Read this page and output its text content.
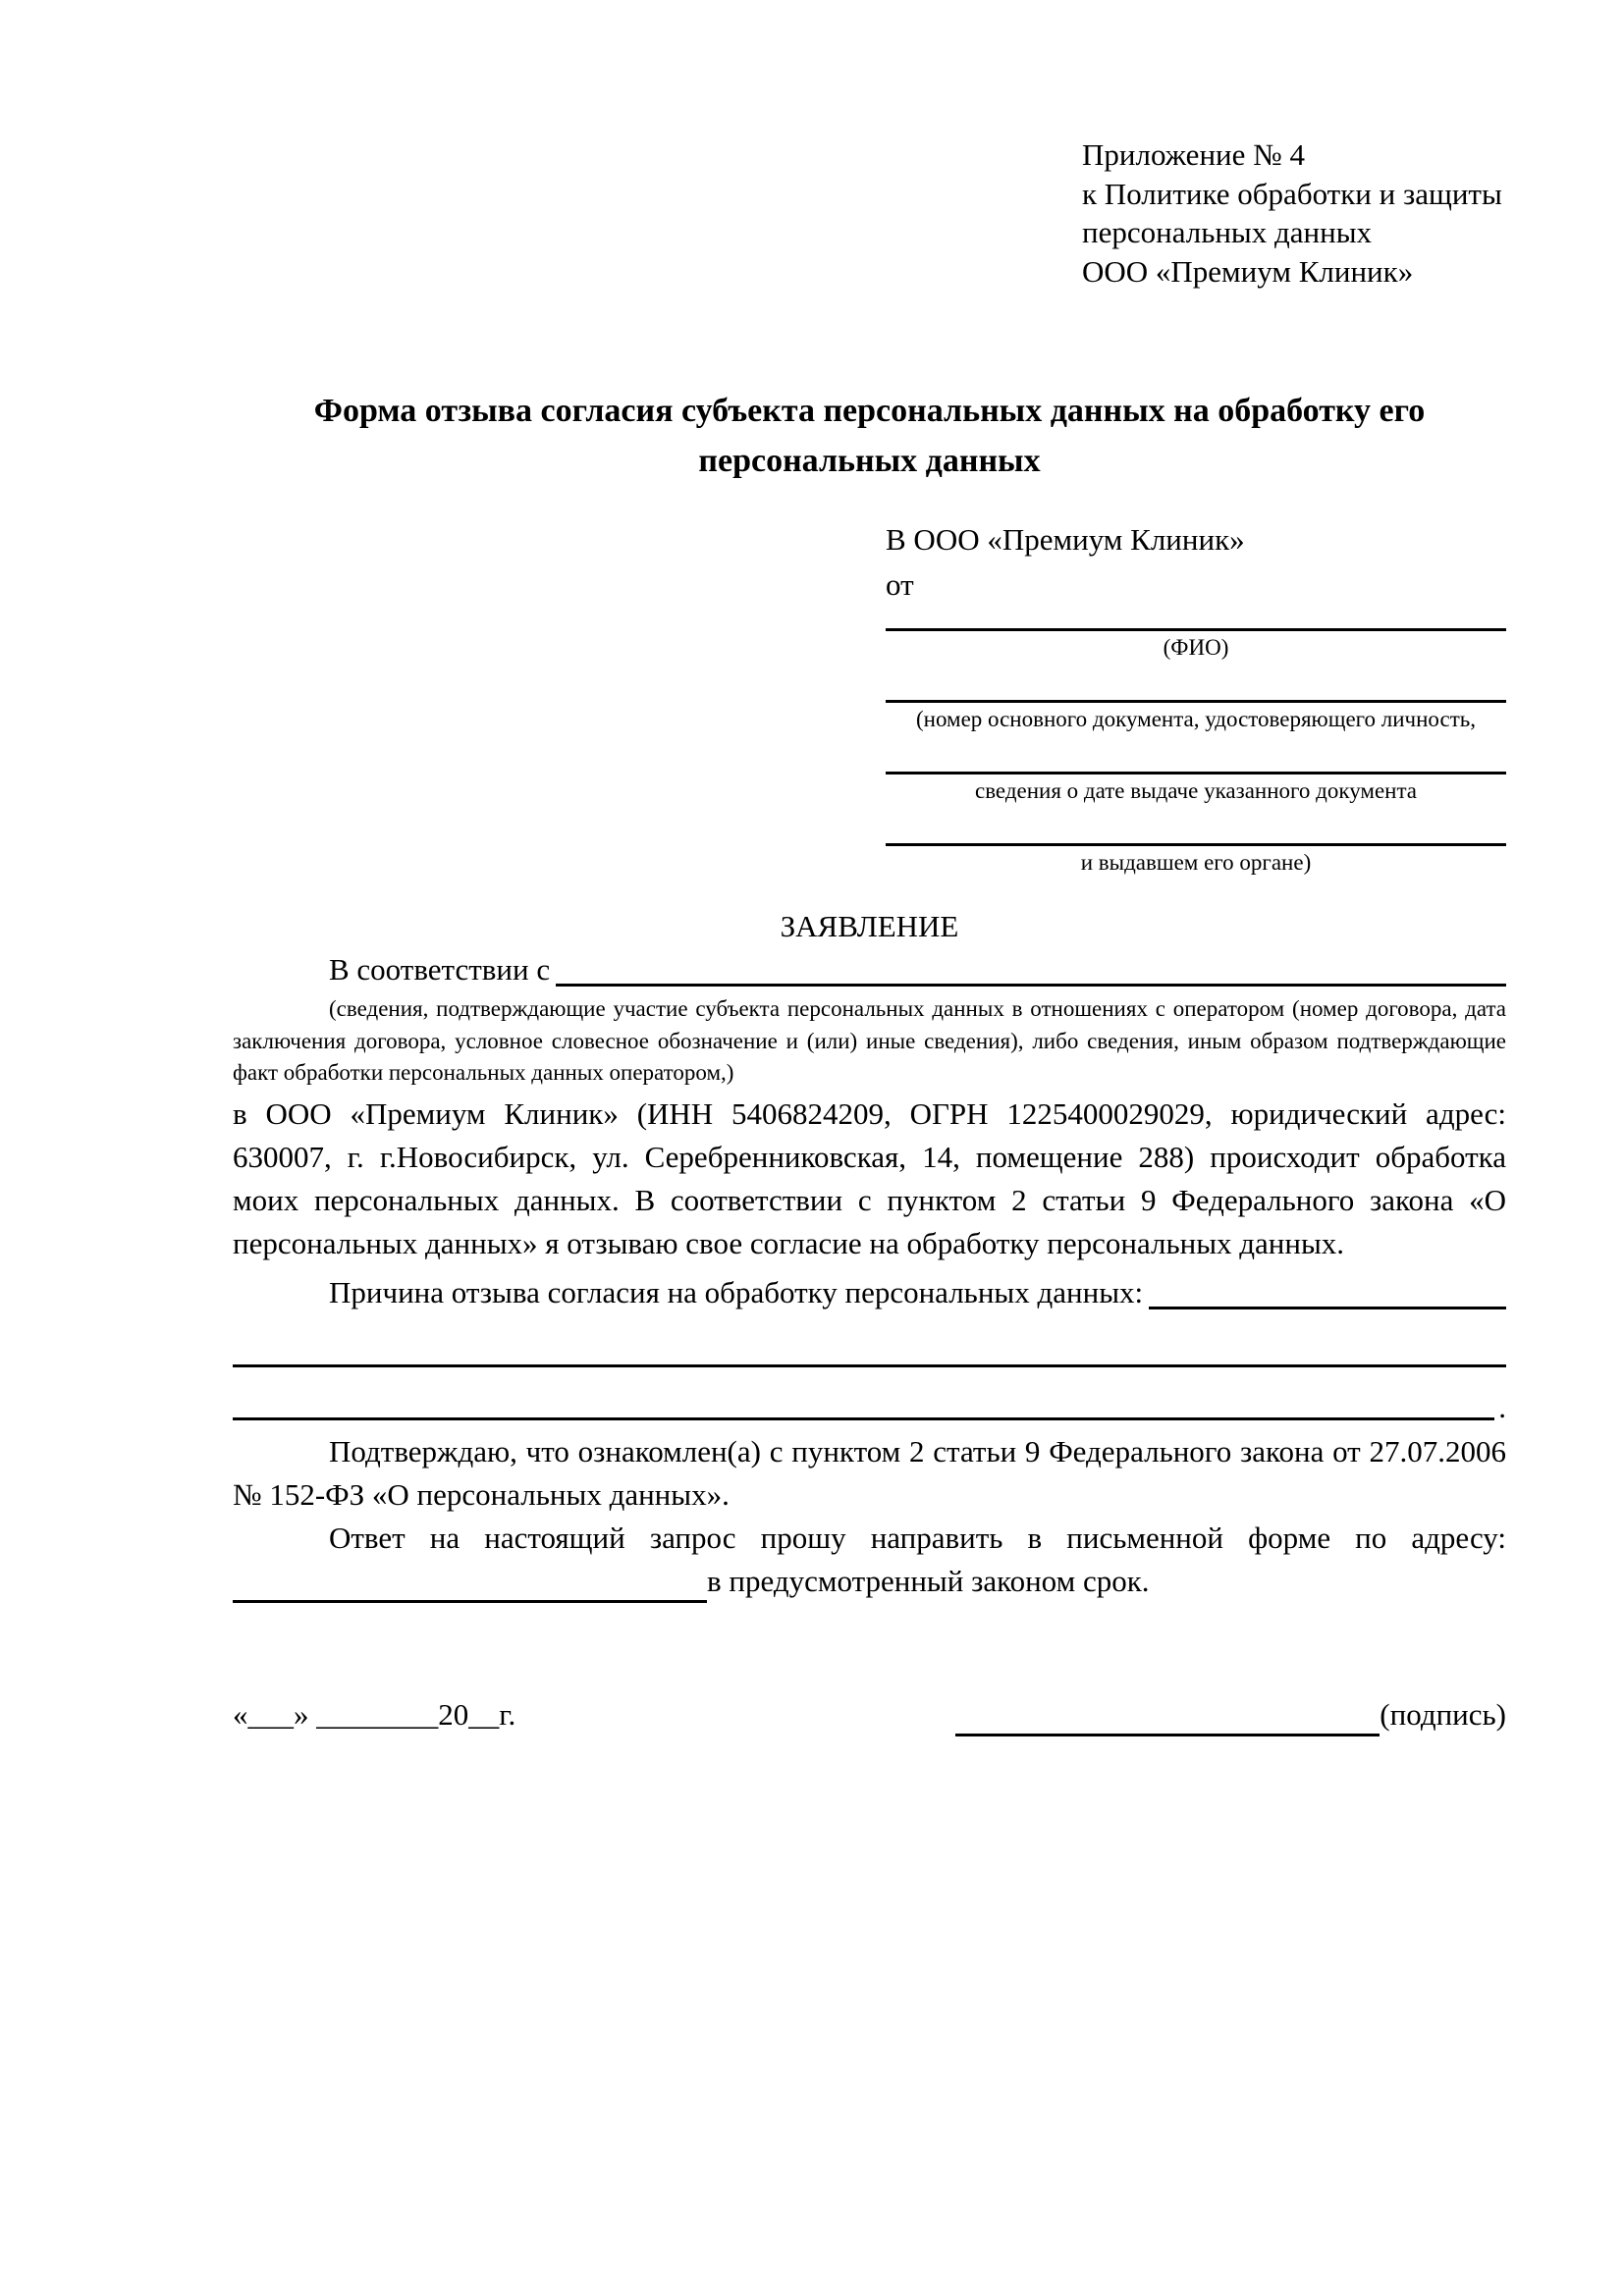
Приложение № 4
к Политике обработки и защиты
персональных данных
ООО «Премиум Клиник»
Форма отзыва согласия субъекта персональных данных на обработку его персональных данных
В ООО «Премиум Клиник»
от
(ФИО)
(номер основного документа, удостоверяющего личность,
сведения о дате выдаче указанного документа
и выдавшем его органе)
ЗАЯВЛЕНИЕ
В соответствии с
(сведения, подтверждающие участие субъекта персональных данных в отношениях с оператором (номер договора, дата заключения договора, условное словесное обозначение и (или) иные сведения), либо сведения, иным образом подтверждающие факт обработки персональных данных оператором,)
в ООО «Премиум Клиник» (ИНН 5406824209, ОГРН 1225400029029, юридический адрес: 630007, г. г.Новосибирск, ул. Серебренниковская, 14, помещение 288) происходит обработка моих персональных данных. В соответствии с пунктом 2 статьи 9 Федерального закона «О персональных данных» я отзываю свое согласие на обработку персональных данных.
Причина отзыва согласия на обработку персональных данных:
.
Подтверждаю, что ознакомлен(а) с пунктом 2 статьи 9 Федерального закона от 27.07.2006 № 152-ФЗ «О персональных данных».
Ответ на настоящий запрос прошу направить в письменной форме по адресу:
в предусмотренный законом срок.
«___» ________20__г.	(подпись)
